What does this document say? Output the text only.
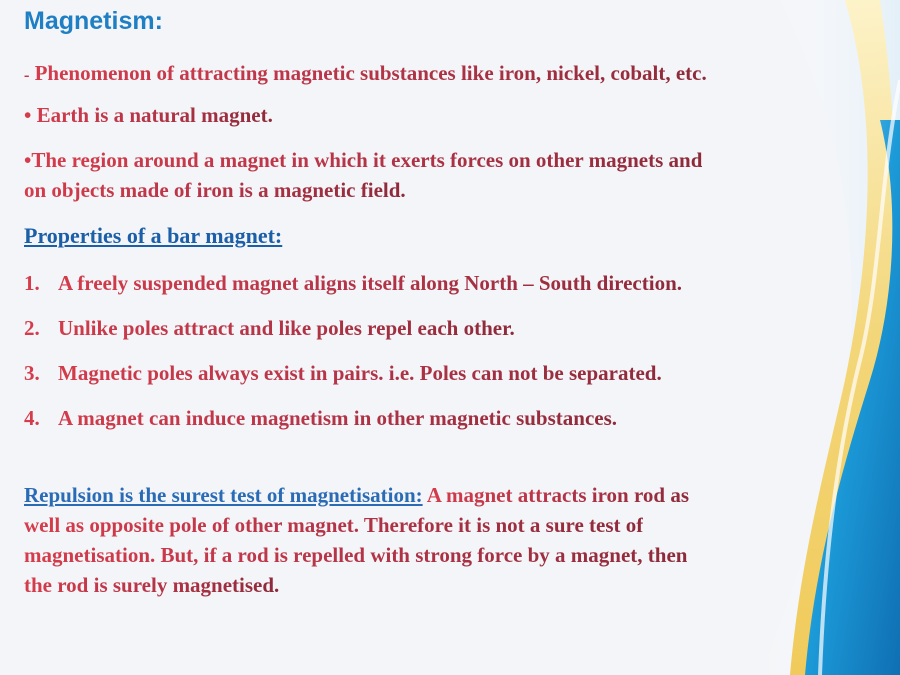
Magnetism:
- Phenomenon of attracting magnetic substances like iron, nickel, cobalt, etc.
• Earth is a natural magnet.
•The region around a magnet in which it exerts forces on other magnets and
on objects made of iron is a magnetic field.
Properties of a bar magnet:
1. A freely suspended magnet aligns itself along North – South direction.
2. Unlike poles attract and like poles repel each other.
3. Magnetic poles always exist in pairs. i.e. Poles can not be separated.
4. A magnet can induce magnetism in other magnetic substances.
Repulsion is the surest test of magnetisation: A magnet attracts iron rod as
well as opposite pole of other magnet. Therefore it is not a sure test of
magnetisation. But, if a rod is repelled with strong force by a magnet, then
the rod is surely magnetised.
